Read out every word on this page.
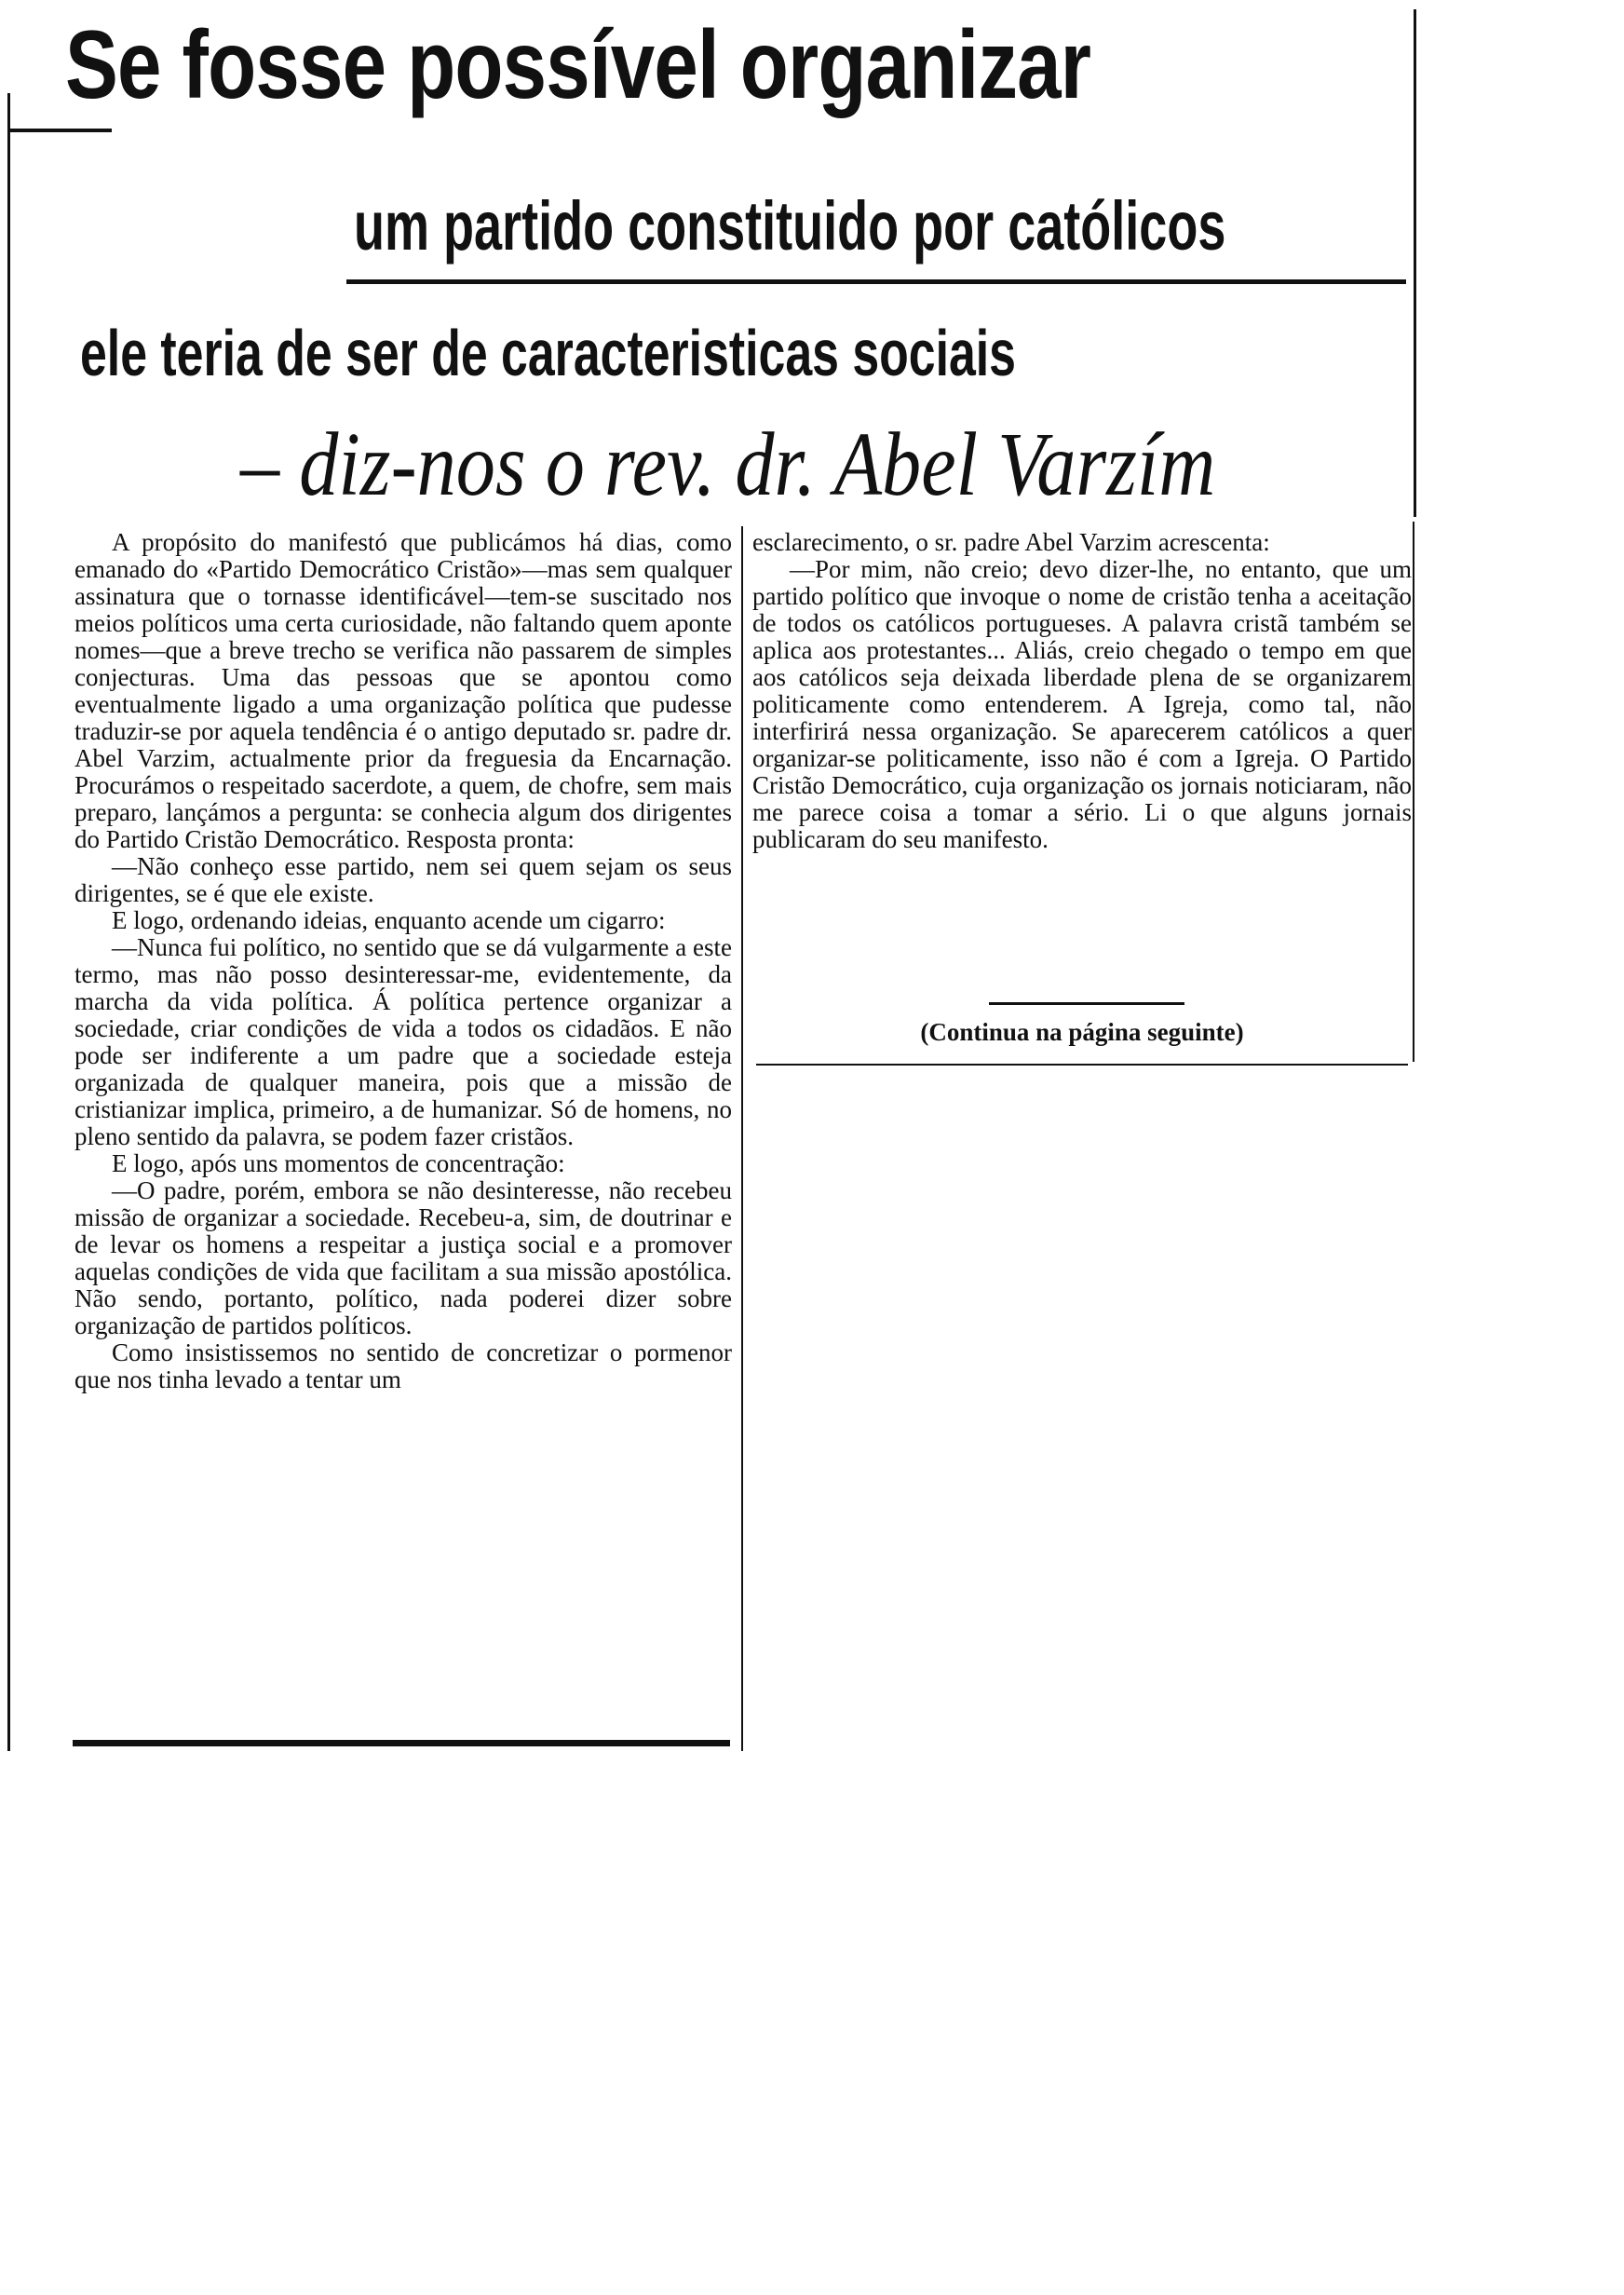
Se fosse possível organizar
um partido constituido por católicos
ele teria de ser de caracteristicas sociais
– diz-nos o rev. dr. Abel Varzím

A propósito do manifestó que publicámos há dias, como emanado do «Partido Democrático Cristão»—mas sem qualquer assinatura que o tornasse identificável—tem-se suscitado nos meios políticos uma certa curiosidade, não faltando quem aponte nomes—que a breve trecho se verifica não passarem de simples conjecturas. Uma das pessoas que se apontou como eventualmente ligado a uma organização política que pudesse traduzir-se por aquela tendência é o antigo deputado sr. padre dr. Abel Varzim, actualmente prior da freguesia da Encarnação. Procurámos o respeitado sacerdote, a quem, de chofre, sem mais preparo, lançámos a pergunta: se conhecia algum dos dirigentes do Partido Cristão Democrático. Resposta pronta:

—Não conheço esse partido, nem sei quem sejam os seus dirigentes, se é que ele existe.

E logo, ordenando ideias, enquanto acende um cigarro:

—Nunca fui político, no sentido que se dá vulgarmente a este termo, mas não posso desinteressar-me, evidentemente, da marcha da vida política. Á política pertence organizar a sociedade, criar condições de vida a todos os cidadãos. E não pode ser indiferente a um padre que a sociedade esteja organizada de qualquer maneira, pois que a missão de cristianizar implica, primeiro, a de humanizar. Só de homens, no pleno sentido da palavra, se podem fazer cristãos.

E logo, após uns momentos de concentração:

—O padre, porém, embora se não desinteresse, não recebeu missão de organizar a sociedade. Recebeu-a, sim, de doutrinar e de levar os homens a respeitar a justiça social e a promover aquelas condições de vida que facilitam a sua missão apostólica. Não sendo, portanto, político, nada poderei dizer sobre organização de partidos políticos.

Como insistissemos no sentido de concretizar o pormenor que nos tinha levado a tentar um

esclarecimento, o sr. padre Abel Varzim acrescenta:

—Por mim, não creio; devo dizer-lhe, no entanto, que um partido político que invoque o nome de cristão tenha a aceitação de todos os católicos portugueses. A palavra cristã também se aplica aos protestantes... Aliás, creio chegado o tempo em que aos católicos seja deixada liberdade plena de se organizarem politicamente como entenderem. A Igreja, como tal, não interfirirá nessa organização. Se aparecerem católicos a quer organizar-se politicamente, isso não é com a Igreja. O Partido Cristão Democrático, cuja organização os jornais noticiaram, não me parece coisa a tomar a sério. Li o que alguns jornais publicaram do seu manifesto.

(Continua na página seguinte)
